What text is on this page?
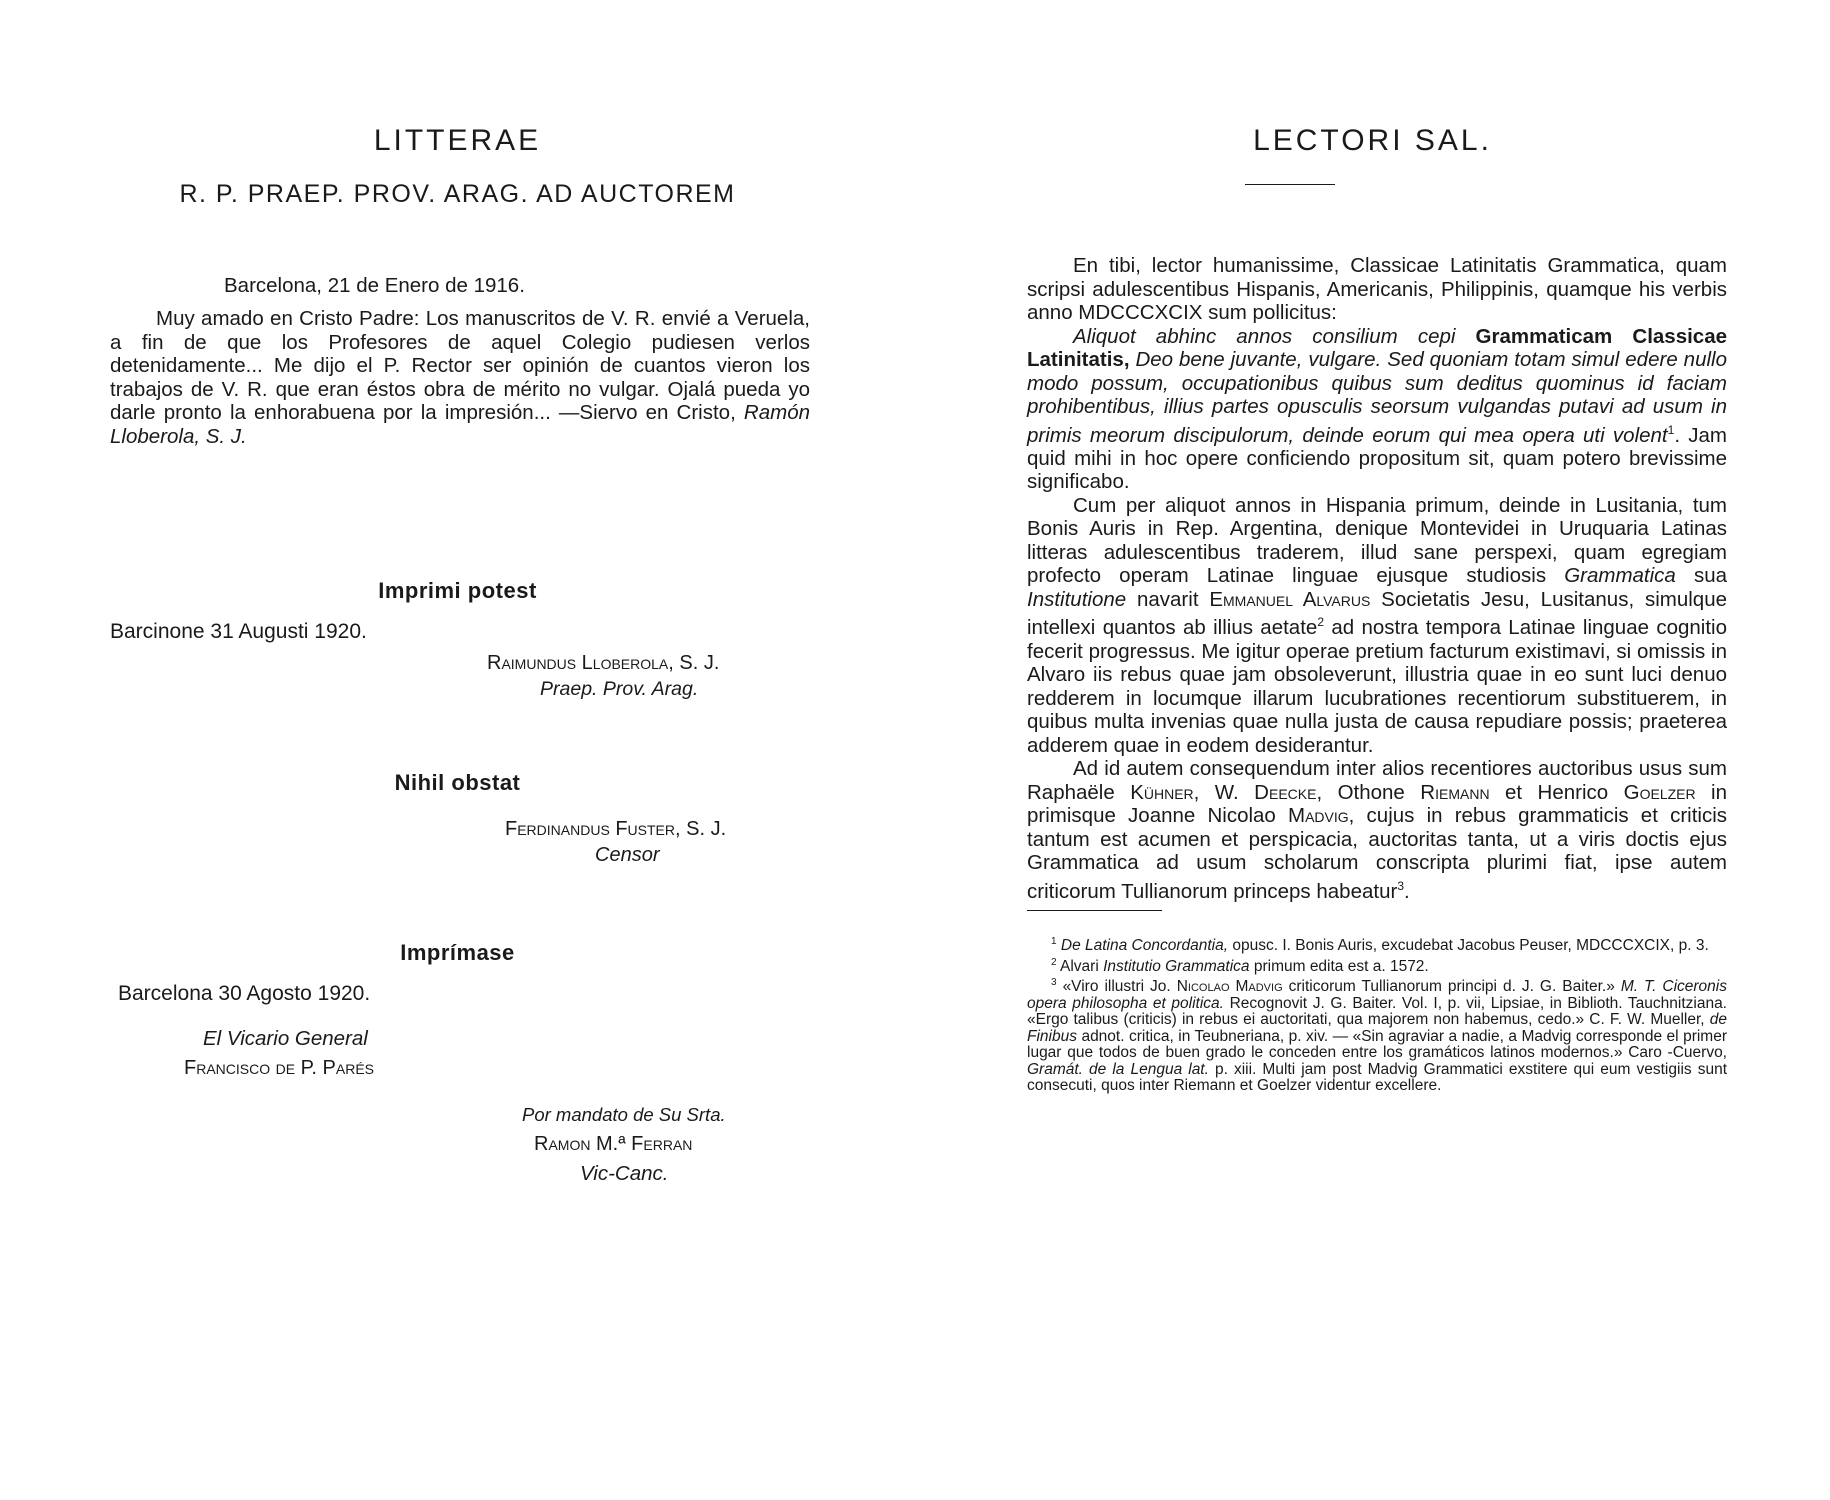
LITTERAE
R. P. PRAEP. PROV. ARAG. AD AUCTOREM
Barcelona, 21 de Enero de 1916.
Muy amado en Cristo Padre: Los manuscritos de V. R. envié a Veruela, a fin de que los Profesores de aquel Colegio pudiesen verlos detenidamente... Me dijo el P. Rector ser opinión de cuantos vieron los trabajos de V. R. que eran éstos obra de mérito no vulgar. Ojalá pueda yo darle pronto la enhorabuena por la impresión... —Siervo en Cristo, Ramón Lloberola, S. J.
Imprimi potest
Barcinone 31 Augusti 1920.
Raimundus Lloberola, S. J.
Praep. Prov. Arag.
Nihil obstat
Ferdinandus Fuster, S. J.
Censor
Imprímase
Barcelona 30 Agosto 1920.
El Vicario General
Francisco de P. Parés
Por mandato de Su Srta.
Ramon M.ª Ferran
Vic-Canc.
LECTORI SAL.

En tibi, lector humanissime, Classicae Latinitatis Grammatica, quam scripsi adulescentibus Hispanis, Americanis, Philippinis, quamque his verbis anno MDCCCXCIX sum pollicitus:

Aliquot abhinc annos consilium cepi Grammaticam Classicae Latinitatis, Deo bene juvante, vulgare. Sed quoniam totam simul edere nullo modo possum, occupationibus quibus sum deditus quominus id faciam prohibentibus, illius partes opusculis seorsum vulgandas putavi ad usum in primis meorum discipulorum, deinde eorum qui mea opera uti volent$^1$. Jam quid mihi in hoc opere conficiendo propositum sit, quam potero brevissime significabo.

Cum per aliquot annos in Hispania primum, deinde in Lusitania, tum Bonis Auris in Rep. Argentina, denique Montevidei in Uruquaria Latinas litteras adulescentibus traderem, illud sane perspexi, quam egregiam profecto operam Latinae linguae ejusque studiosis Grammatica sua Institutione navarit Emmanuel Alvarus Societatis Jesu, Lusitanus, simulque intellexi quantos ab illius aetate$^2$ ad nostra tempora Latinae linguae cognitio fecerit progressus. Me igitur operae pretium facturum existimavi, si omissis in Alvaro iis rebus quae jam obsoleverunt, illustria quae in eo sunt luci denuo redderem in locumque illarum lucubrationes recentiorum substituerem, in quibus multa invenias quae nulla justa de causa repudiare possis; praeterea adderem quae in eodem desiderantur.

Ad id autem consequendum inter alios recentiores auctoribus usus sum Raphaële Kühner, W. Deecke, Othone Riemann et Henrico Goelzer in primisque Joanne Nicolao Madvig, cujus in rebus grammaticis et criticis tantum est acumen et perspicacia, auctoritas tanta, ut a viris doctis ejus Grammatica ad usum scholarum conscripta plurimi fiat, ipse autem criticorum Tullianorum princeps habeatur$^3$.

$^1$ De Latina Concordantia, opusc. I. Bonis Auris, excudebat Jacobus Peuser, MDCCCXCIX, p. 3.

$^2$ Alvari Institutio Grammatica primum edita est a. 1572.

$^3$ «Viro illustri Jo. Nicolao Madvig criticorum Tullianorum principi d. J. G. Baiter.» M. T. Ciceronis opera philosopha et politica. Recognovit J. G. Baiter. Vol. I, p. vii, Lipsiae, in Biblioth. Tauchnitziana. «Ergo talibus (criticis) in rebus ei auctoritati, qua majorem non habemus, cedo.» C. F. W. Mueller, de Finibus adnot. critica, in Teubneriana, p. xiv. — «Sin agraviar a nadie, a Madvig corresponde el primer lugar que todos de buen grado le conceden entre los gramáticos latinos modernos.» Caro -Cuervo, Gramát. de la Lengua lat. p. xiii. Multi jam post Madvig Grammatici exstitere qui eum vestigiis sunt consecuti, quos inter Riemann et Goelzer videntur excellere.
